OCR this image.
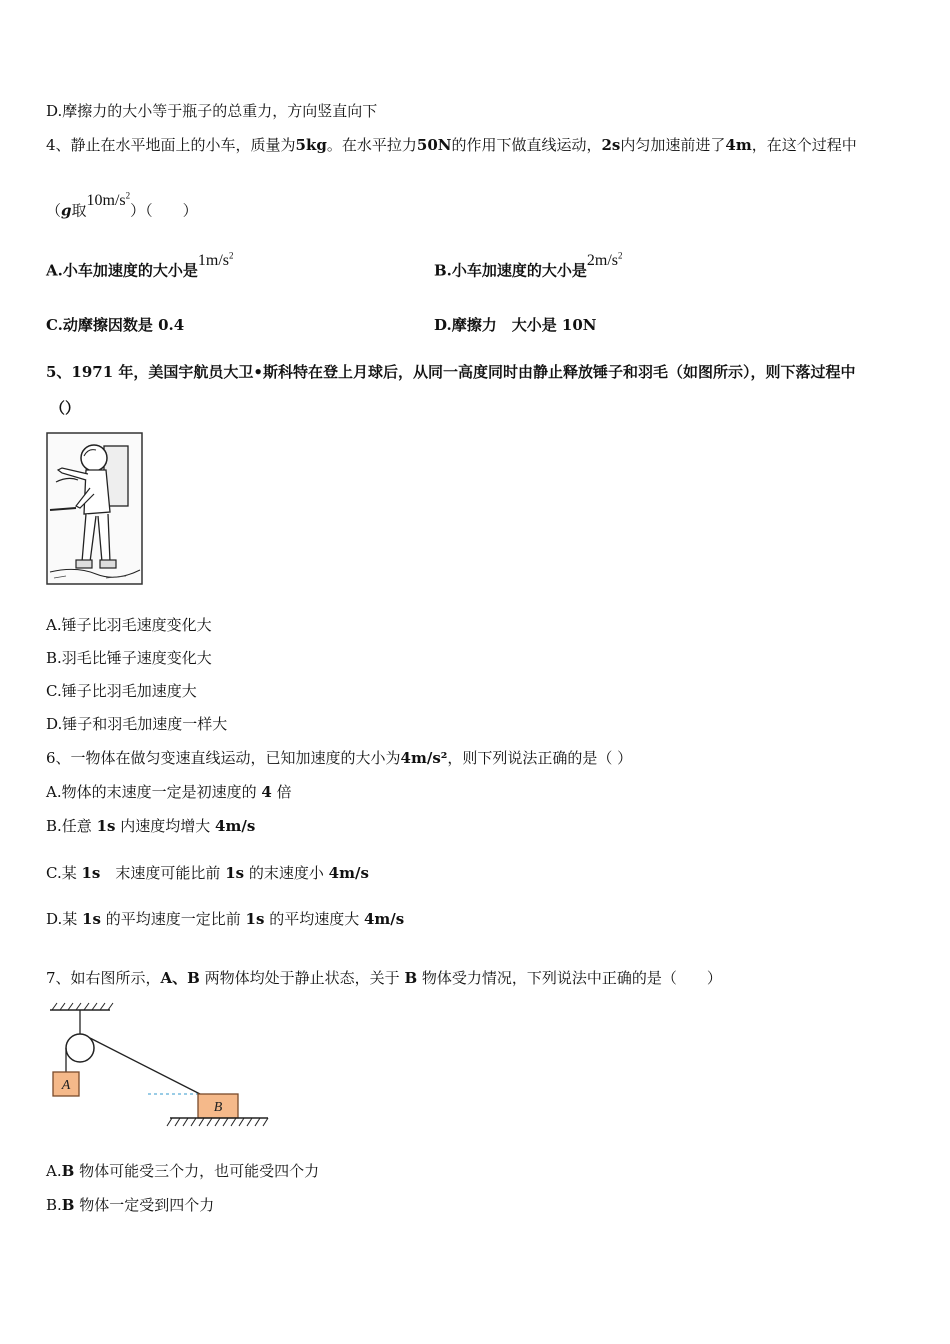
D.摩擦力的大小等于瓶子的总重力，方向竖直向下
4、静止在水平地面上的小车，质量为5kg。在水平拉力50N的作用下做直线运动，2s内匀加速前进了4m，在这个过程中
（g取$10m/s^2$）（　　）
A.小车加速度的大小是$1m/s^2$
B.小车加速度的大小是$2m/s^2$
C.动摩擦因数是 0.4	D.摩擦力　大小是 10N
5、1971 年，美国宇航员大卫•斯科特在登上月球后，从同一高度同时由静止释放锤子和羽毛（如图所示），则下落过程中
（）
A.锤子比羽毛速度变化大
B.羽毛比锤子速度变化大
C.锤子比羽毛加速度大
D.锤子和羽毛加速度一样大
6、一物体在做匀变速直线运动，已知加速度的大小为4m/s²，则下列说法正确的是（ ）
A.物体的末速度一定是初速度的 4 倍
B.任意 1s 内速度均增大 4m/s
C.某 1s　末速度可能比前 1s 的末速度小 4m/s
D.某 1s 的平均速度一定比前 1s 的平均速度大 4m/s
7、如右图所示，A、B 两物体均处于静止状态，关于 B 物体受力情况，下列说法中正确的是（　　）
A
B
A.B 物体可能受三个力，也可能受四个力
B.B 物体一定受到四个力
